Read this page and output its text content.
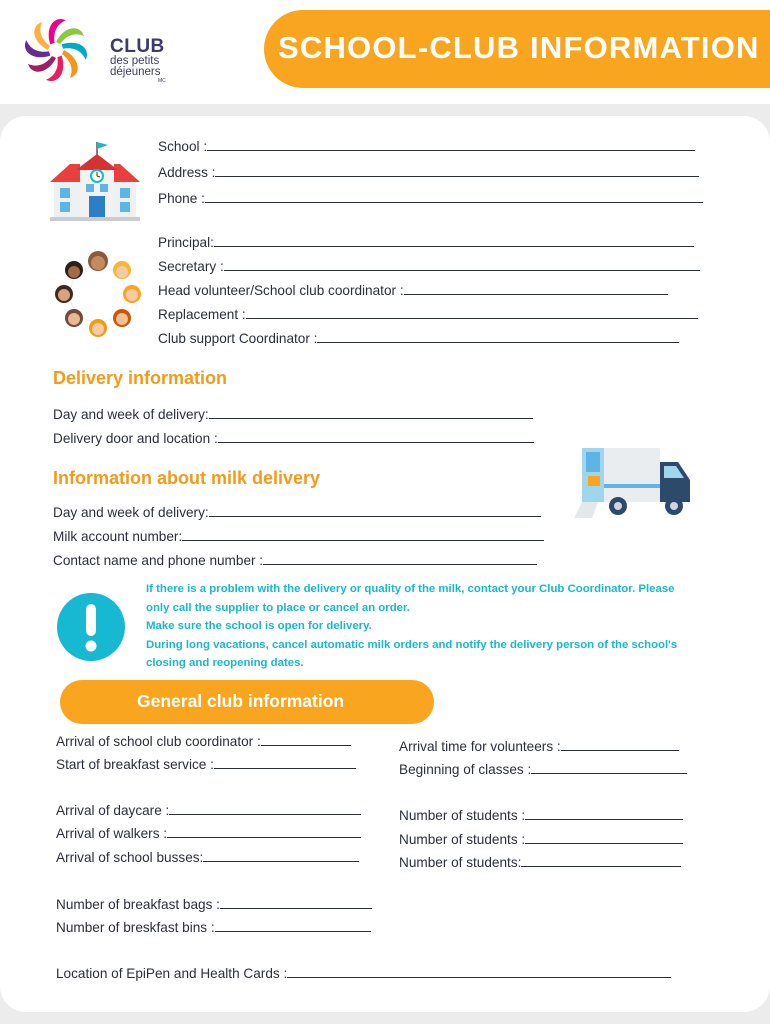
CLUB
des petits
déjeuners
MC
SCHOOL-CLUB INFORMATION
School :
Address :
Phone :
Principal:
Secretary :
Head volunteer/School club coordinator :
Replacement :
Club support Coordinator :
Delivery information
Day and week of delivery:
Delivery door and location :
Information about milk delivery
Day and week of delivery:
Milk account number:
Contact name and phone number :
If there is a problem with the delivery or quality of the milk, contact your Club Coordinator. Please
only call the supplier to place or cancel an order.
Make sure the school is open for delivery.
During long vacations, cancel automatic milk orders and notify the delivery person of the school's
closing and reopening dates.
General club information
Arrival of school club coordinator :
Start of breakfast service :
Arrival of daycare :
Arrival of walkers :
Arrival of school busses:
Number of breakfast bags :
Number of breskfast bins :
Location of EpiPen and Health Cards :
Arrival time for volunteers :
Beginning of classes :
Number of students :
Number of students :
Number of students:
